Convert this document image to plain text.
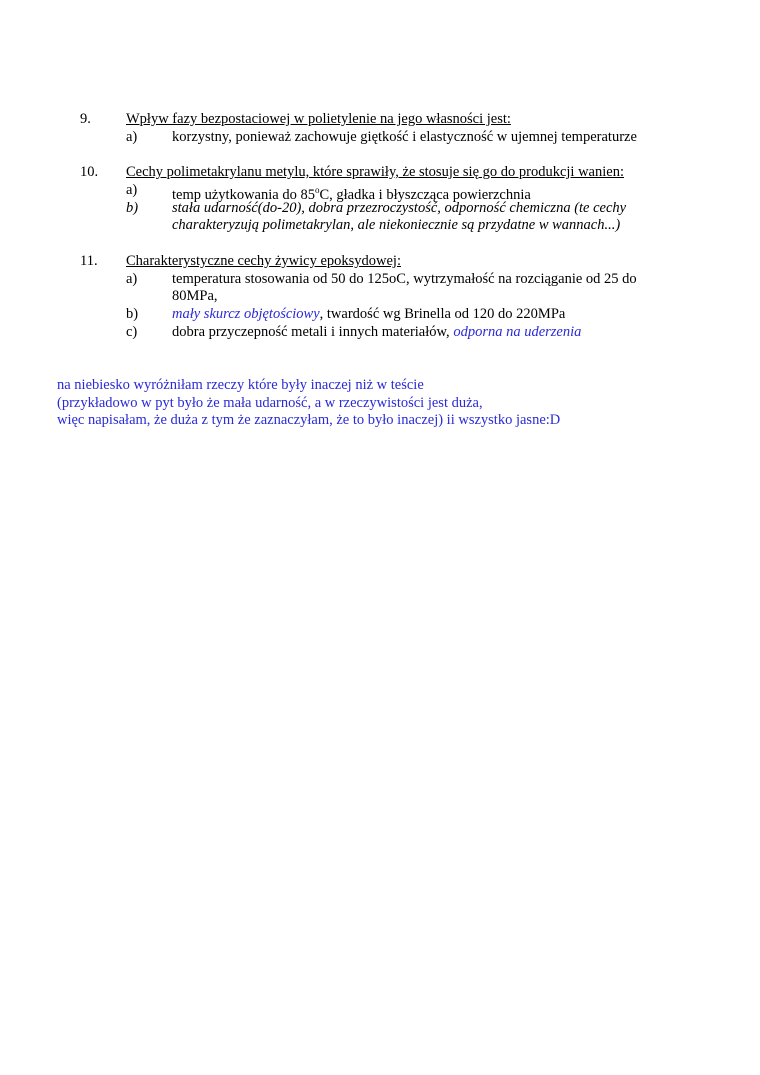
9. Wpływ fazy bezpostaciowej w polietylenie na jego własności jest:
a) korzystny, ponieważ zachowuje giętkość i elastyczność w ujemnej temperaturze
10. Cechy polimetakrylanu metylu, które sprawiły, że stosuje się go do produkcji wanien:
a) temp użytkowania do 85$^o$C, gładka i błyszcząca powierzchnia
b) stała udarność(do-20), dobra przezroczystość, odporność chemiczna (te cechy
charakteryzują polimetakrylan, ale niekoniecznie są przydatne w wannach...)
11. Charakterystyczne cechy żywicy epoksydowej:
a) temperatura stosowania od 50 do 125oC, wytrzymałość na rozciąganie od 25 do
80MPa,
b) mały skurcz objętościowy, twardość wg Brinella od 120 do 220MPa
c) dobra przyczepność metali i innych materiałów, odporna na uderzenia
na niebiesko wyróżniłam rzeczy które były inaczej niż w teście
(przykładowo w pyt było że mała udarność, a w rzeczywistości jest duża,
więc napisałam, że duża z tym że zaznaczyłam, że to było inaczej) ii wszystko jasne:D
